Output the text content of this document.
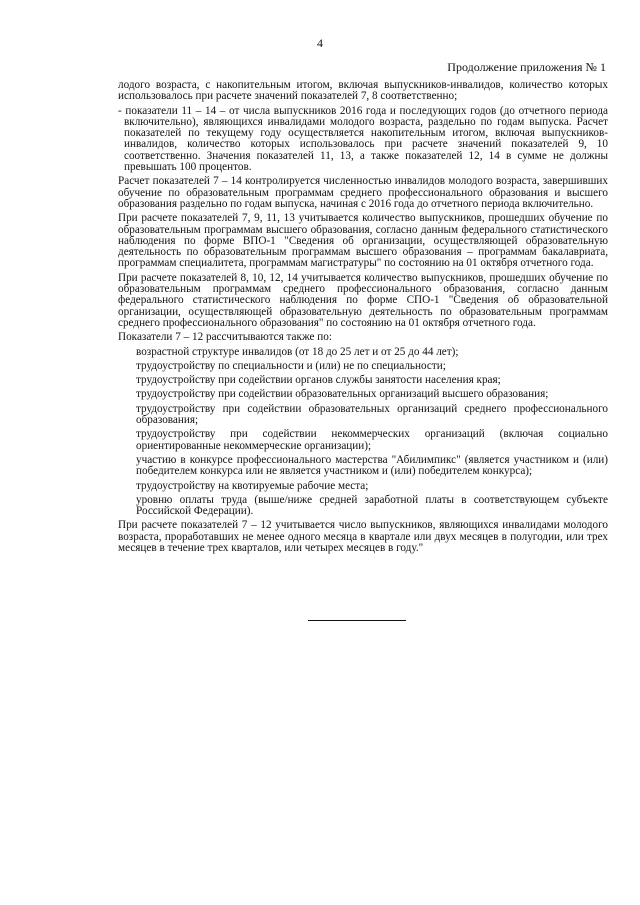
4
Продолжение приложения № 1

лодого возраста, с накопительным итогом, включая выпускников-инвалидов, количество которых использовалось при расчете значений показателей 7, 8 соответственно;

- показатели 11 – 14 – от числа выпускников 2016 года и последующих годов (до отчетного периода включительно), являющихся инвалидами молодого возраста, раздельно по годам выпуска. Расчет показателей по текущему году осуществляется накопительным итогом, включая выпускников-инвалидов, количество которых использовалось при расчете значений показателей 9, 10 соответственно. Значения показателей 11, 13, а также показателей 12, 14 в сумме не должны превышать 100 процентов.

Расчет показателей 7 – 14 контролируется численностью инвалидов молодого возраста, завершивших обучение по образовательным программам среднего профессионального образования и высшего образования раздельно по годам выпуска, начиная с 2016 года до отчетного периода включительно.

При расчете показателей 7, 9, 11, 13 учитывается количество выпускников, прошедших обучение по образовательным программам высшего образования, согласно данным федерального статистического наблюдения по форме ВПО-1 "Сведения об организации, осуществляющей образовательную деятельность по образовательным программам высшего образования – программам бакалавриата, программам специалитета, программам магистратуры" по состоянию на 01 октября отчетного года.

При расчете показателей 8, 10, 12, 14 учитывается количество выпускников, прошедших обучение по образовательным программам среднего профессионального образования, согласно данным федерального статистического наблюдения по форме СПО-1 "Сведения об образовательной организации, осуществляющей образовательную деятельность по образовательным программам среднего профессионального образования" по состоянию на 01 октября отчетного года.

Показатели 7 – 12 рассчитываются также по:

возрастной структуре инвалидов (от 18 до 25 лет и от 25 до 44 лет);

трудоустройству по специальности и (или) не по специальности;

трудоустройству при содействии органов службы занятости населения края;

трудоустройству при содействии образовательных организаций высшего образования;

трудоустройству при содействии образовательных организаций среднего профессионального образования;

трудоустройству при содействии некоммерческих организаций (включая социально ориентированные некоммерческие организации);

участию в конкурсе профессионального мастерства "Абилимпикс" (является участником и (или) победителем конкурса или не является участником и (или) победителем конкурса);

трудоустройству на квотируемые рабочие места;

уровню оплаты труда (выше/ниже средней заработной платы в соответствующем субъекте Российской Федерации).

При расчете показателей 7 – 12 учитывается число выпускников, являющихся инвалидами молодого возраста, проработавших не менее одного месяца в квартале или двух месяцев в полугодии, или трех месяцев в течение трех кварталов, или четырех месяцев в году."
